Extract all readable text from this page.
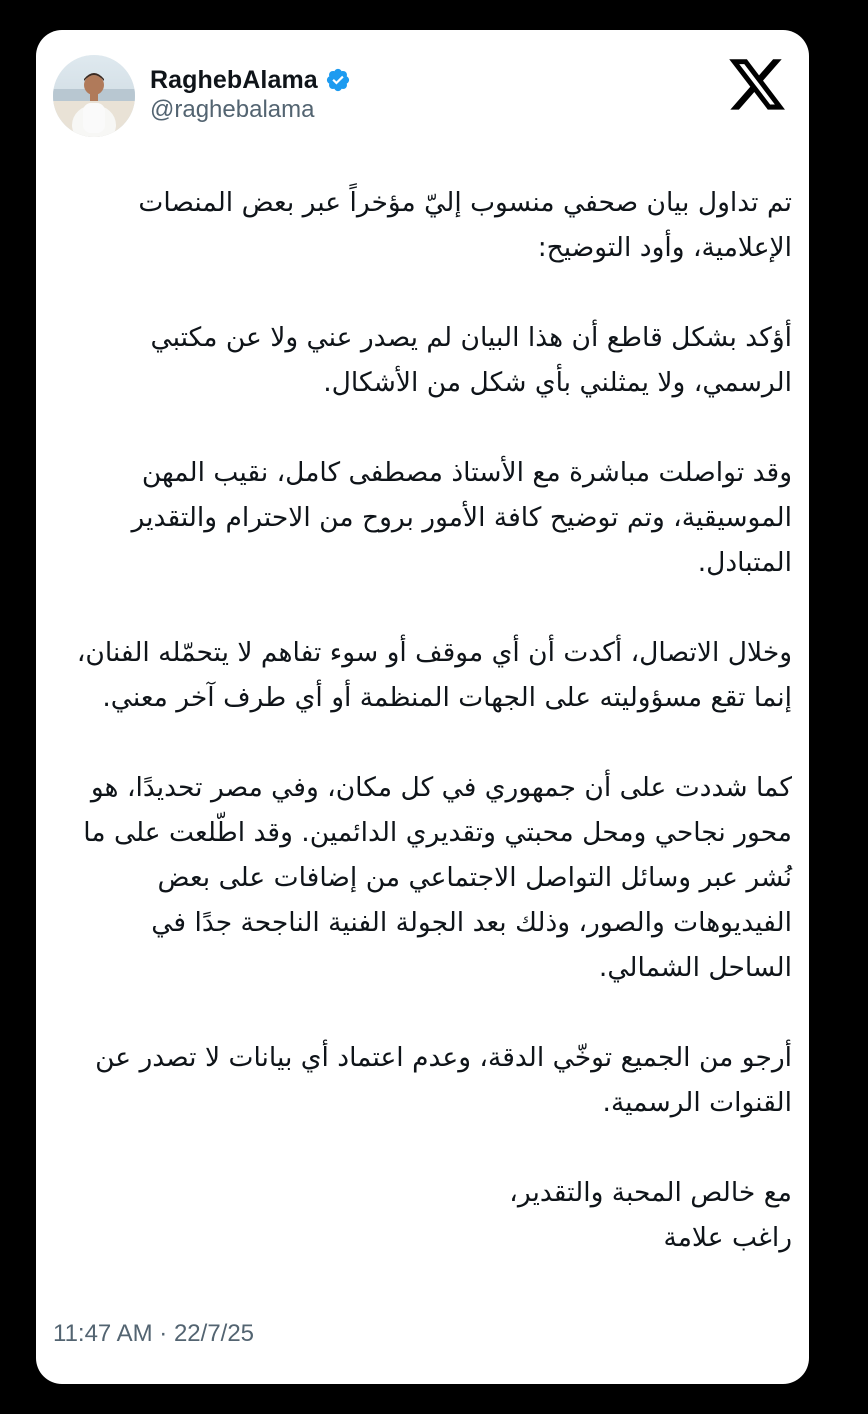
RaghebAlama
@raghebalama

تم تداول بيان صحفي منسوب إليّ مؤخراً عبر بعض المنصات الإعلامية، وأود التوضيح:

أؤكد بشكل قاطع أن هذا البيان لم يصدر عني ولا عن مكتبي الرسمي، ولا يمثلني بأي شكل من الأشكال.

وقد تواصلت مباشرة مع الأستاذ مصطفى كامل، نقيب المهن الموسيقية، وتم توضيح كافة الأمور بروح من الاحترام والتقدير المتبادل.

وخلال الاتصال، أكدت أن أي موقف أو سوء تفاهم لا يتحمّله الفنان، إنما تقع مسؤوليته على الجهات المنظمة أو أي طرف آخر معني.

كما شددت على أن جمهوري في كل مكان، وفي مصر تحديدًا، هو محور نجاحي ومحل محبتي وتقديري الدائمين. وقد اطّلعت على ما نُشر عبر وسائل التواصل الاجتماعي من إضافات على بعض الفيديوهات والصور، وذلك بعد الجولة الفنية الناجحة جدًا في الساحل الشمالي.

أرجو من الجميع توخّي الدقة، وعدم اعتماد أي بيانات لا تصدر عن القنوات الرسمية.

مع خالص المحبة والتقدير،
راغب علامة

11:47 AM · 22/7/25
